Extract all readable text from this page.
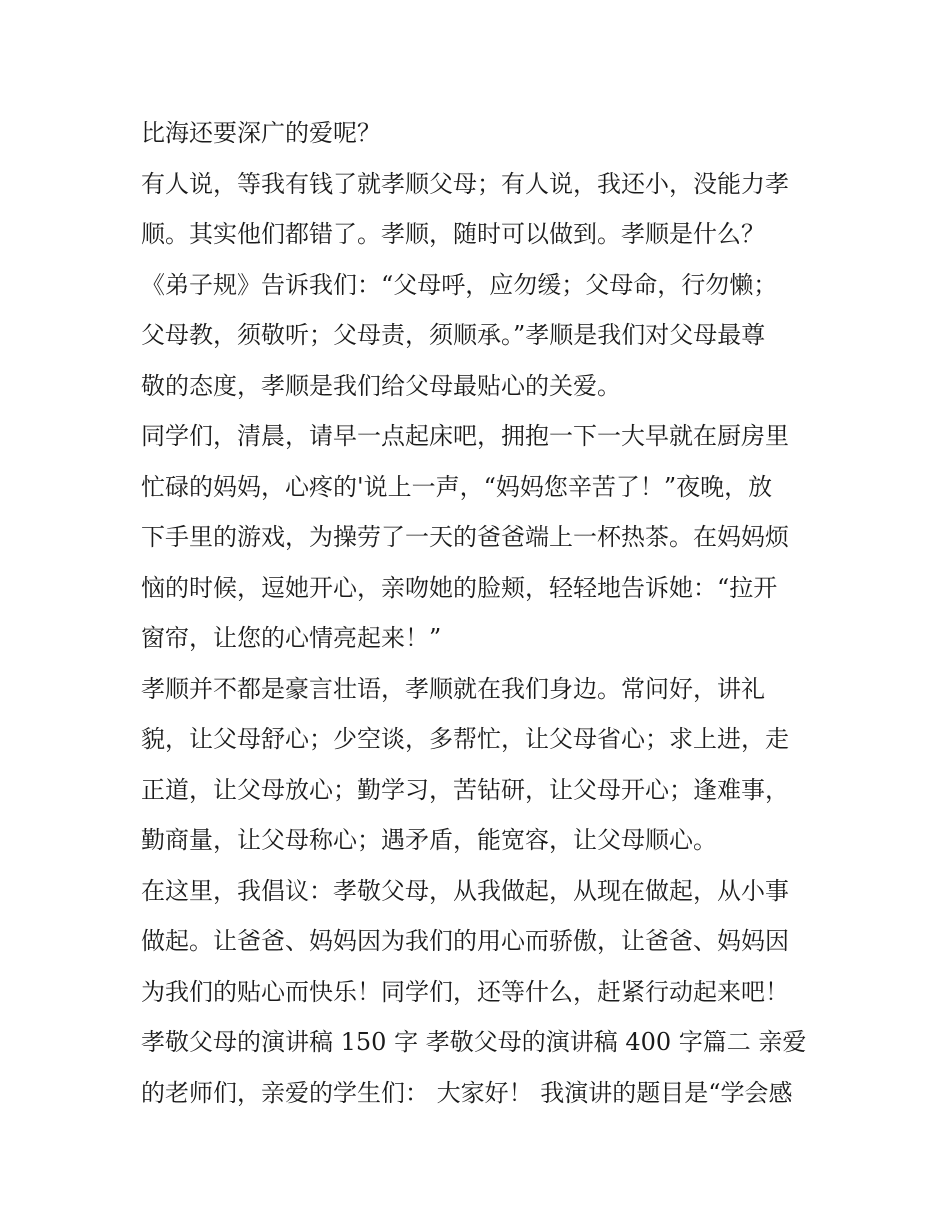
比海还要深广的爱呢？
有人说，等我有钱了就孝顺父母；有人说，我还小，没能力孝
顺。其实他们都错了。孝顺，随时可以做到。孝顺是什么？
《弟子规》告诉我们：“父母呼，应勿缓；父母命，行勿懒；
父母教，须敬听；父母责，须顺承。”孝顺是我们对父母最尊
敬的态度，孝顺是我们给父母最贴心的关爱。
同学们，清晨，请早一点起床吧，拥抱一下一大早就在厨房里
忙碌的妈妈，心疼的'说上一声，“妈妈您辛苦了！”夜晚，放
下手里的游戏，为操劳了一天的爸爸端上一杯热茶。在妈妈烦
恼的时候，逗她开心，亲吻她的脸颊，轻轻地告诉她：“拉开
窗帘，让您的心情亮起来！”
孝顺并不都是豪言壮语，孝顺就在我们身边。常问好，讲礼
貌，让父母舒心；少空谈，多帮忙，让父母省心；求上进，走
正道，让父母放心；勤学习，苦钻研，让父母开心；逢难事，
勤商量，让父母称心；遇矛盾，能宽容，让父母顺心。
在这里，我倡议：孝敬父母，从我做起，从现在做起，从小事
做起。让爸爸、妈妈因为我们的用心而骄傲，让爸爸、妈妈因
为我们的贴心而快乐！同学们，还等什么，赶紧行动起来吧！
孝敬父母的演讲稿 150 字 孝敬父母的演讲稿 400 字篇二 亲爱
的老师们，亲爱的学生们： 大家好！ 我演讲的题目是“学会感
